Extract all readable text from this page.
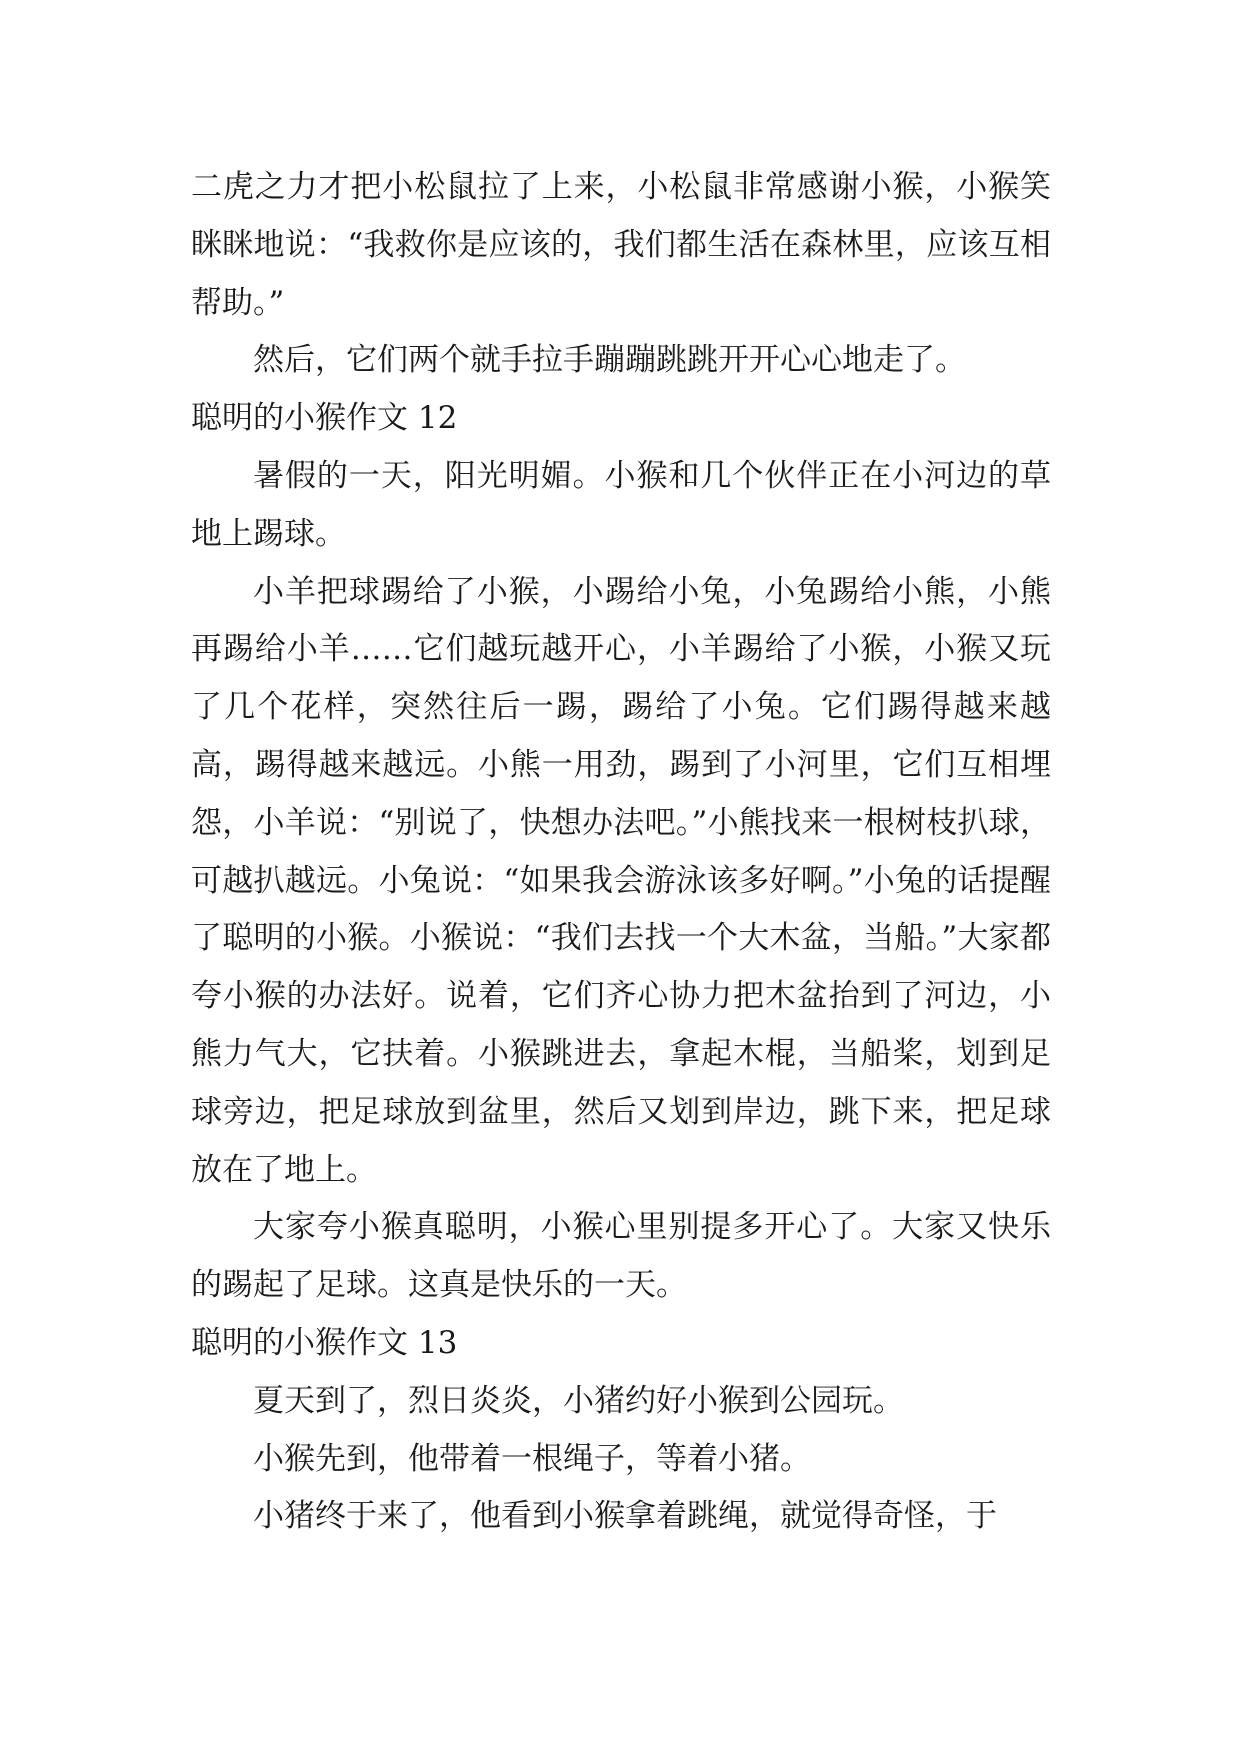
二虎之力才把小松鼠拉了上来，小松鼠非常感谢小猴，小猴笑眯眯地说：“我救你是应该的，我们都生活在森林里，应该互相帮助。”

然后，它们两个就手拉手蹦蹦跳跳开开心心地走了。

聪明的小猴作文 12

暑假的一天，阳光明媚。小猴和几个伙伴正在小河边的草地上踢球。

小羊把球踢给了小猴，小踢给小兔，小兔踢给小熊，小熊再踢给小羊……它们越玩越开心，小羊踢给了小猴，小猴又玩了几个花样，突然往后一踢，踢给了小兔。它们踢得越来越高，踢得越来越远。小熊一用劲，踢到了小河里，它们互相埋怨，小羊说：“别说了，快想办法吧。”小熊找来一根树枝扒球，可越扒越远。小兔说：“如果我会游泳该多好啊。”小兔的话提醒了聪明的小猴。小猴说：“我们去找一个大木盆，当船。”大家都夸小猴的办法好。说着，它们齐心协力把木盆抬到了河边，小熊力气大，它扶着。小猴跳进去，拿起木棍，当船桨，划到足球旁边，把足球放到盆里，然后又划到岸边，跳下来，把足球放在了地上。

大家夸小猴真聪明，小猴心里别提多开心了。大家又快乐的踢起了足球。这真是快乐的一天。

聪明的小猴作文 13

夏天到了，烈日炎炎，小猪约好小猴到公园玩。

小猴先到，他带着一根绳子，等着小猪。

小猪终于来了，他看到小猴拿着跳绳，就觉得奇怪，于
